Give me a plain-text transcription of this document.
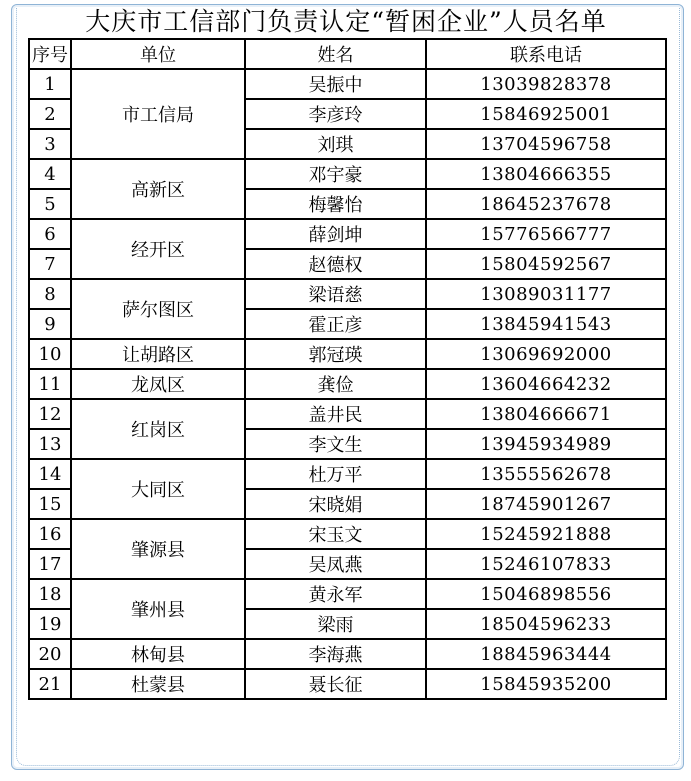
大庆市工信部门负责认定“暂困企业”人员名单
序号	单位	姓名	联系电话
1	市工信局	吴振中	13039828378
2		李彦玲	15846925001
3		刘琪	13704596758
4	高新区	邓宇豪	13804666355
5		梅馨怡	18645237678
6	经开区	薛剑坤	15776566777
7		赵德权	15804592567
8	萨尔图区	梁语慈	13089031177
9		霍正彦	13845941543
10	让胡路区	郭冠瑛	13069692000
11	龙凤区	龚俭	13604664232
12	红岗区	盖井民	13804666671
13		李文生	13945934989
14	大同区	杜万平	13555562678
15		宋晓娟	18745901267
16	肇源县	宋玉文	15245921888
17		吴凤燕	15246107833
18	肇州县	黄永军	15046898556
19		梁雨	18504596233
20	林甸县	李海燕	18845963444
21	杜蒙县	聂长征	15845935200
